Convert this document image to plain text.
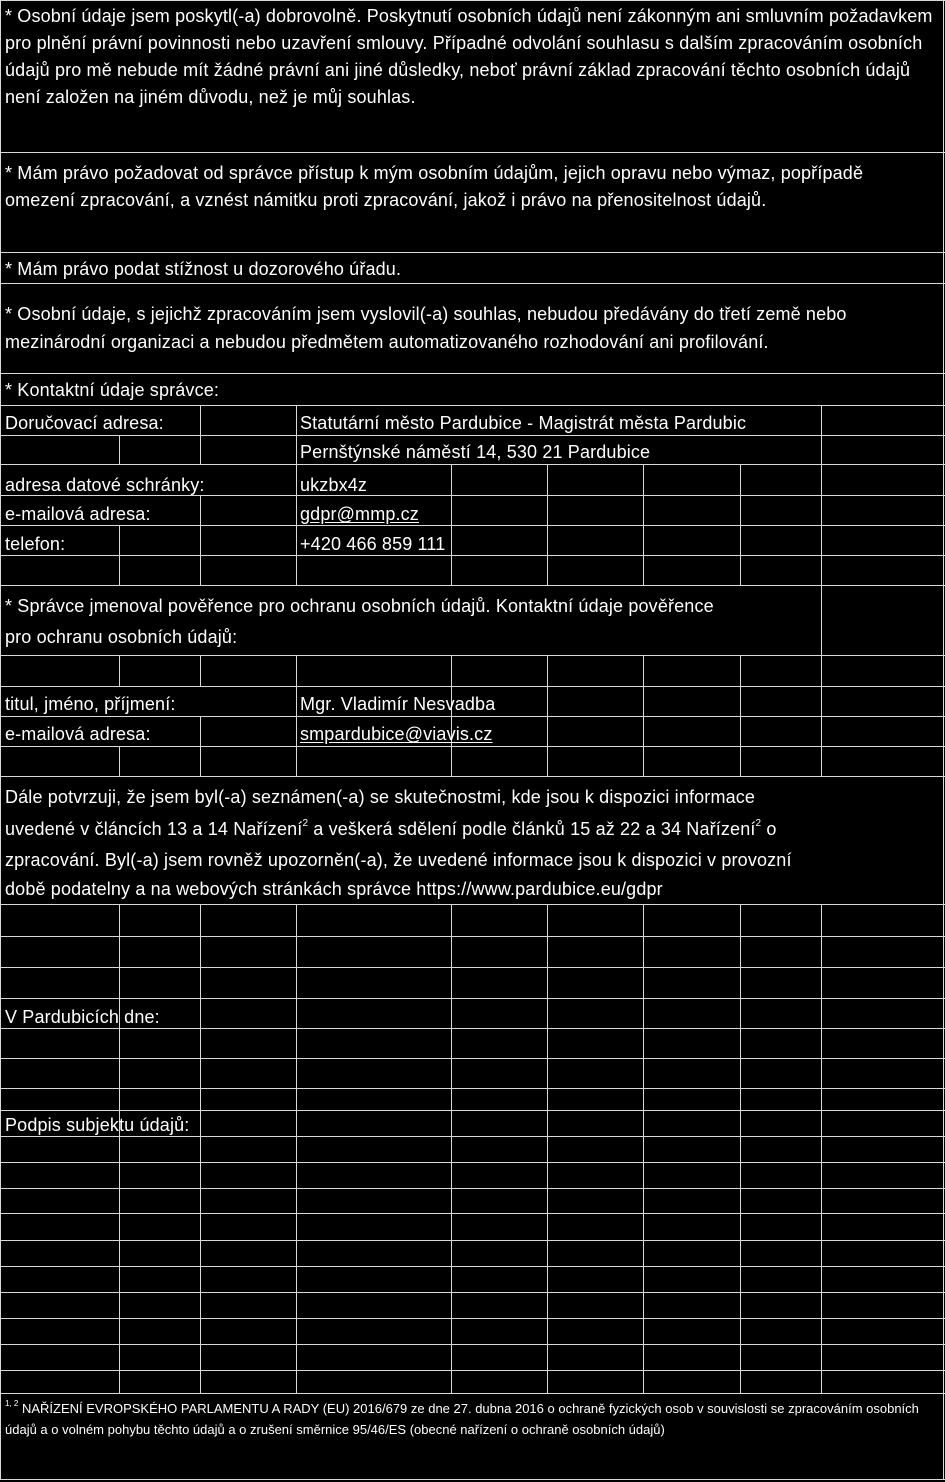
* Osobní údaje jsem poskytl(-a) dobrovolně. Poskytnutí osobních údajů není zákonným ani smluvním požadavkem pro plnění právní povinnosti nebo uzavření smlouvy. Případné odvolání souhlasu s dalším zpracováním osobních údajů pro mě nebude mít žádné právní ani jiné důsledky, neboť právní základ zpracování těchto osobních údajů není založen na jiném důvodu, než je můj souhlas.
* Mám právo požadovat od správce přístup k mým osobním údajům, jejich opravu nebo výmaz, popřípadě omezení zpracování, a vznést námitku proti zpracování, jakož i právo na přenositelnost údajů.
* Mám právo podat stížnost u dozorového úřadu.
* Osobní údaje, s jejichž zpracováním jsem vyslovil(-a) souhlas, nebudou předávány do třetí země nebo mezinárodní organizaci a nebudou předmětem automatizovaného rozhodování ani profilování.
* Kontaktní údaje správce:
Doručovací adresa:	Statutární město Pardubice - Magistrát města Pardubic
Pernštýnské náměstí 14, 530 21 Pardubice
adresa datové schránky:	ukzbx4z
e-mailová adresa:	gdpr@mmp.cz
telefon:	+420 466 859 111
* Správce jmenoval pověřence pro ochranu osobních údajů. Kontaktní údaje pověřence
pro ochranu osobních údajů:
titul, jméno, příjmení:	Mgr. Vladimír Nesvadba
e-mailová adresa:	smpardubice@viavis.cz
Dále potvrzuji, že jsem byl(-a) seznámen(-a) se skutečnostmi, kde jsou k dispozici informace
uvedené v článcích 13 a 14 Nařízení$^2$ a veškerá sdělení podle článků 15 až 22 a 34 Nařízení$^2$ o
zpracování. Byl(-a) jsem rovněž upozorněn(-a), že uvedené informace jsou k dispozici v provozní
době podatelny a na webových stránkách správce https://www.pardubice.eu/gdpr
V Pardubicích dne:
Podpis subjektu údajů:
$^{1, 2}$ NAŘÍZENÍ EVROPSKÉHO PARLAMENTU A RADY (EU) 2016/679 ze dne 27. dubna 2016 o ochraně fyzických osob v souvislosti se zpracováním osobních údajů a o volném pohybu těchto údajů a o zrušení směrnice 95/46/ES (obecné nařízení o ochraně osobních údajů)
